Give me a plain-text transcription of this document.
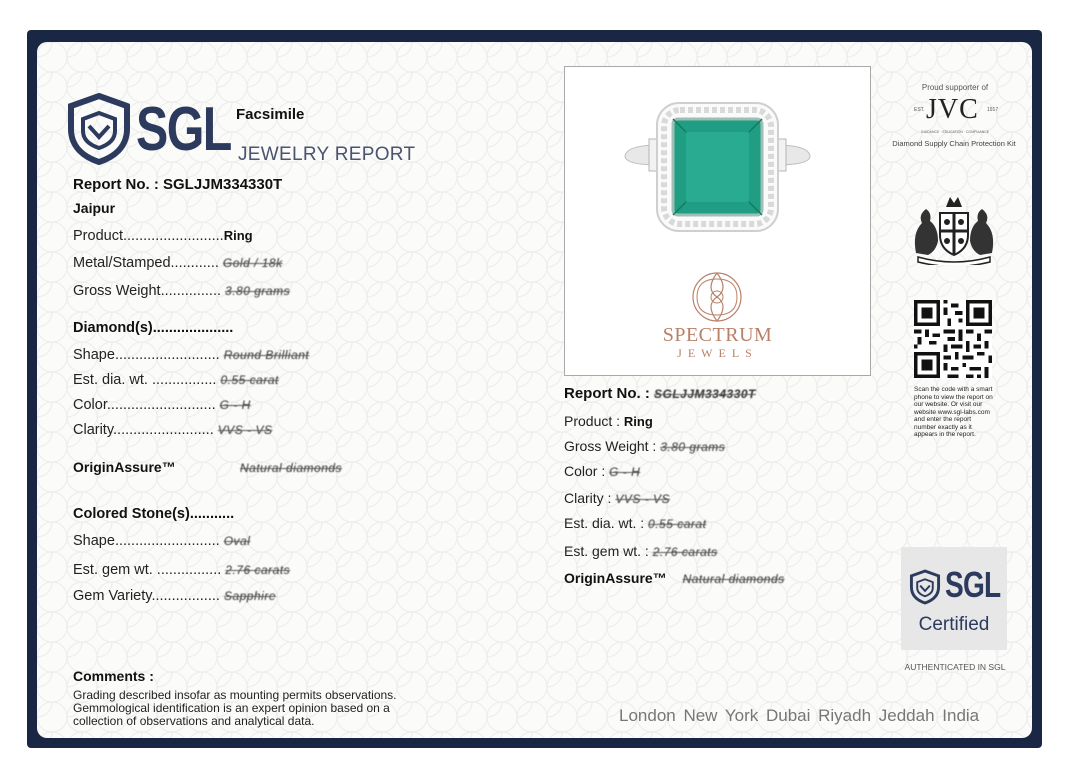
SGL Facsimile
JEWELRY REPORT
Report No. : SGLJJM334330T
Jaipur
Product.........................Ring
Metal/Stamped............ Gold / 18k
Gross Weight............... 3.80 grams
Diamond(s)....................
Shape.......................... Round Brilliant
Est. dia. wt. ................ 0.55 carat
Color........................... G - H
Clarity......................... VVS - VS
OriginAssure™	Natural diamonds
Colored Stone(s)...........
Shape.......................... Oval
Est. gem wt. ................ 2.76 carats
Gem Variety................. Sapphire
Comments :
Grading described insofar as mounting permits observations.
Gemmological identification is an expert opinion based on a
collection of observations and analytical data.
SPECTRUM
JEWELS
Report No. : SGLJJM334330T
Product : Ring
Gross Weight : 3.80 grams
Color : G - H
Clarity : VVS - VS
Est. dia. wt. : 0.55 carat
Est. gem wt. : 2.76 carats
OriginAssure™ Natural diamonds
Proud supporter of
EST. JVC 1917
GUIDANCE · EDUCATION · COMPLIANCE
Diamond Supply Chain Protection Kit
Scan the code with a smart phone to view the report on our website. Or visit our website www.sgl-labs.com and enter the report number exactly as it appears in the report.
SGL
Certified
AUTHENTICATED IN SGL
London New York Dubai Riyadh Jeddah India
